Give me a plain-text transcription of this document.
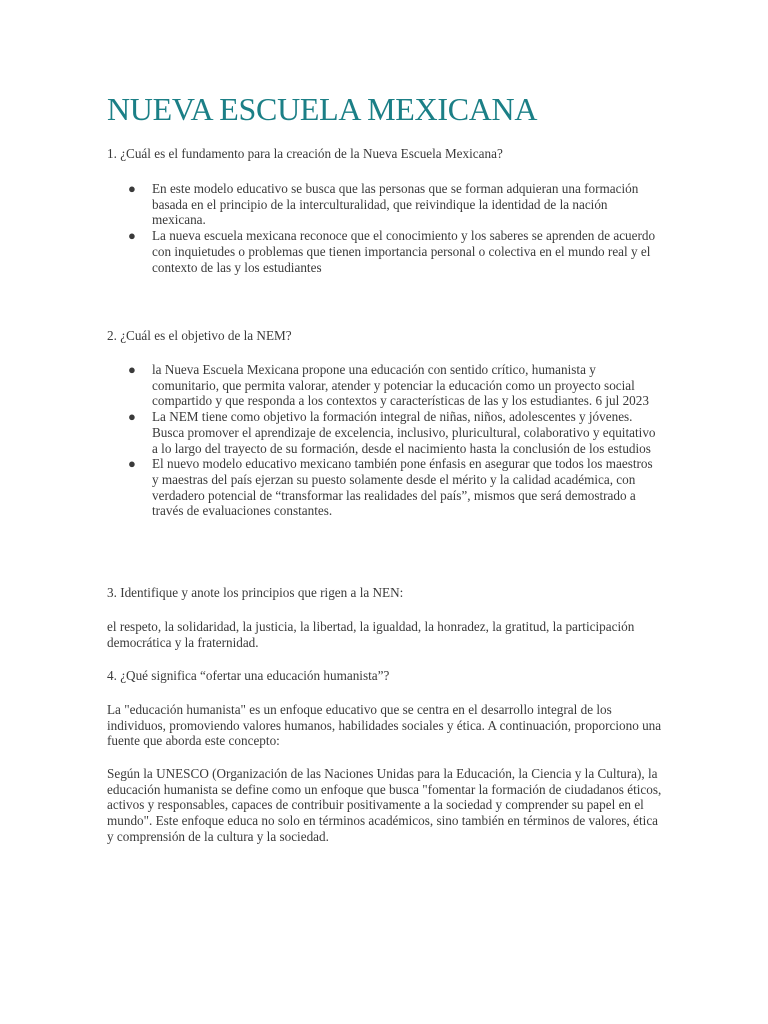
NUEVA ESCUELA MEXICANA

1. ¿Cuál es el fundamento para la creación de la Nueva Escuela Mexicana?

● En este modelo educativo se busca que las personas que se forman adquieran una formación basada en el principio de la interculturalidad, que reivindique la identidad de la nación mexicana.
● La nueva escuela mexicana reconoce que el conocimiento y los saberes se aprenden de acuerdo con inquietudes o problemas que tienen importancia personal o colectiva en el mundo real y el contexto de las y los estudiantes

2. ¿Cuál es el objetivo de la NEM?

● la Nueva Escuela Mexicana propone una educación con sentido crítico, humanista y comunitario, que permita valorar, atender y potenciar la educación como un proyecto social compartido y que responda a los contextos y características de las y los estudiantes. 6 jul 2023
● La NEM tiene como objetivo la formación integral de niñas, niños, adolescentes y jóvenes. Busca promover el aprendizaje de excelencia, inclusivo, pluricultural, colaborativo y equitativo a lo largo del trayecto de su formación, desde el nacimiento hasta la conclusión de los estudios
● El nuevo modelo educativo mexicano también pone énfasis en asegurar que todos los maestros y maestras del país ejerzan su puesto solamente desde el mérito y la calidad académica, con verdadero potencial de “transformar las realidades del país”, mismos que será demostrado a través de evaluaciones constantes.

3. Identifique y anote los principios que rigen a la NEN:

el respeto, la solidaridad, la justicia, la libertad, la igualdad, la honradez, la gratitud, la participación democrática y la fraternidad.

4. ¿Qué significa “ofertar una educación humanista”?

La "educación humanista" es un enfoque educativo que se centra en el desarrollo integral de los individuos, promoviendo valores humanos, habilidades sociales y ética. A continuación, proporciono una fuente que aborda este concepto:

Según la UNESCO (Organización de las Naciones Unidas para la Educación, la Ciencia y la Cultura), la educación humanista se define como un enfoque que busca "fomentar la formación de ciudadanos éticos, activos y responsables, capaces de contribuir positivamente a la sociedad y comprender su papel en el mundo". Este enfoque educa no solo en términos académicos, sino también en términos de valores, ética y comprensión de la cultura y la sociedad.
